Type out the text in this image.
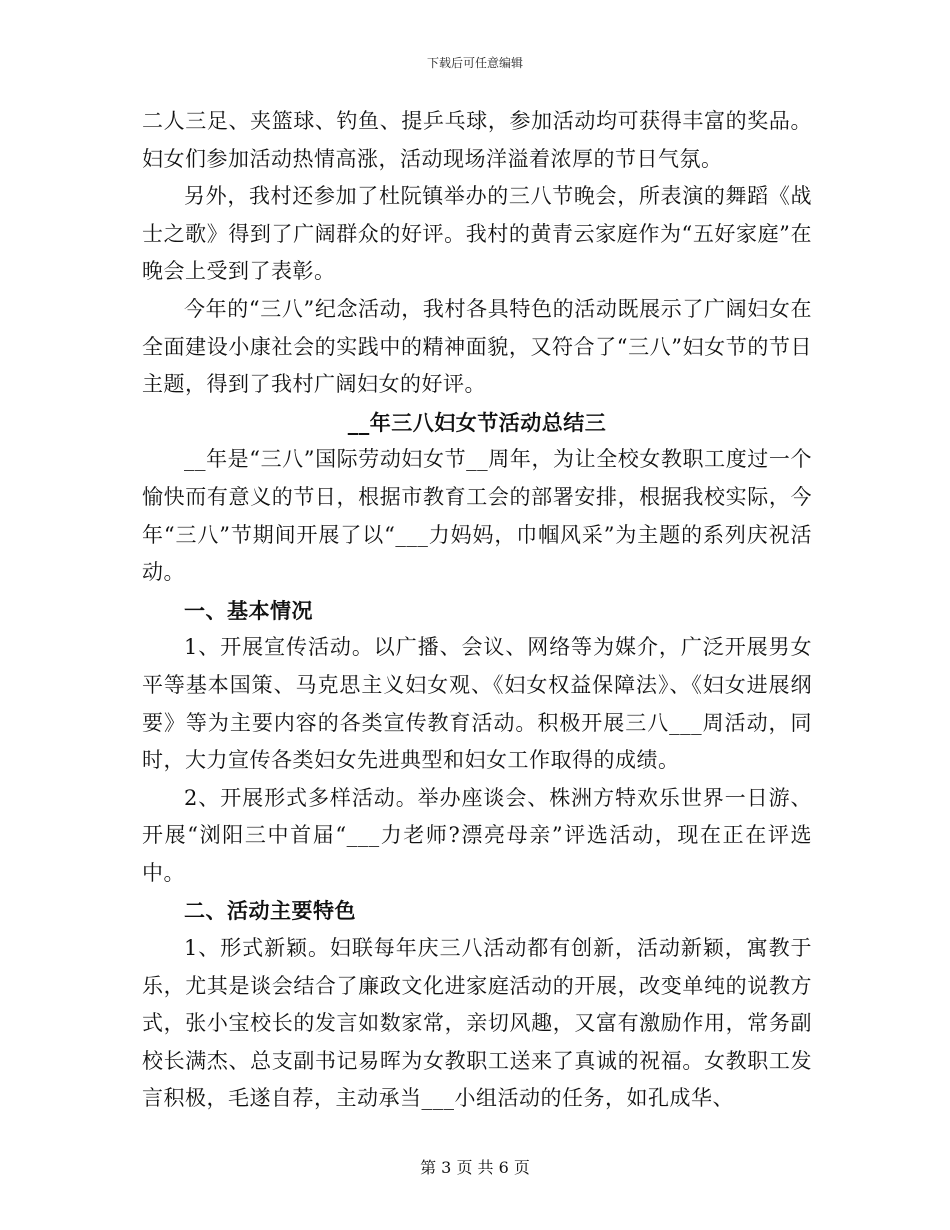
下载后可任意编辑

二人三足、夹篮球、钓鱼、提乒乓球，参加活动均可获得丰富的奖品。妇女们参加活动热情高涨，活动现场洋溢着浓厚的节日气氛。

另外，我村还参加了杜阮镇举办的三八节晚会，所表演的舞蹈《战士之歌》得到了广阔群众的好评。我村的黄青云家庭作为“五好家庭”在晚会上受到了表彰。

今年的“三八”纪念活动，我村各具特色的活动既展示了广阔妇女在全面建设小康社会的实践中的精神面貌，又符合了“三八”妇女节的节日主题，得到了我村广阔妇女的好评。

__年三八妇女节活动总结三

__年是“三八”国际劳动妇女节__周年，为让全校女教职工度过一个愉快而有意义的节日，根据市教育工会的部署安排，根据我校实际，今年“三八”节期间开展了以“___力妈妈，巾帼风采”为主题的系列庆祝活动。

一、基本情况

1、开展宣传活动。以广播、会议、网络等为媒介，广泛开展男女平等基本国策、马克思主义妇女观、《妇女权益保障法》、《妇女进展纲要》等为主要内容的各类宣传教育活动。积极开展三八___周活动，同时，大力宣传各类妇女先进典型和妇女工作取得的成绩。

2、开展形式多样活动。举办座谈会、株洲方特欢乐世界一日游、开展“浏阳三中首届“___力老师?漂亮母亲”评选活动，现在正在评选中。

二、活动主要特色

1、形式新颖。妇联每年庆三八活动都有创新，活动新颖，寓教于乐，尤其是谈会结合了廉政文化进家庭活动的开展，改变单纯的说教方式，张小宝校长的发言如数家常，亲切风趣，又富有激励作用，常务副校长满杰、总支副书记易晖为女教职工送来了真诚的祝福。女教职工发言积极，毛遂自荐，主动承当___小组活动的任务，如孔成华、

第 3 页 共 6 页
